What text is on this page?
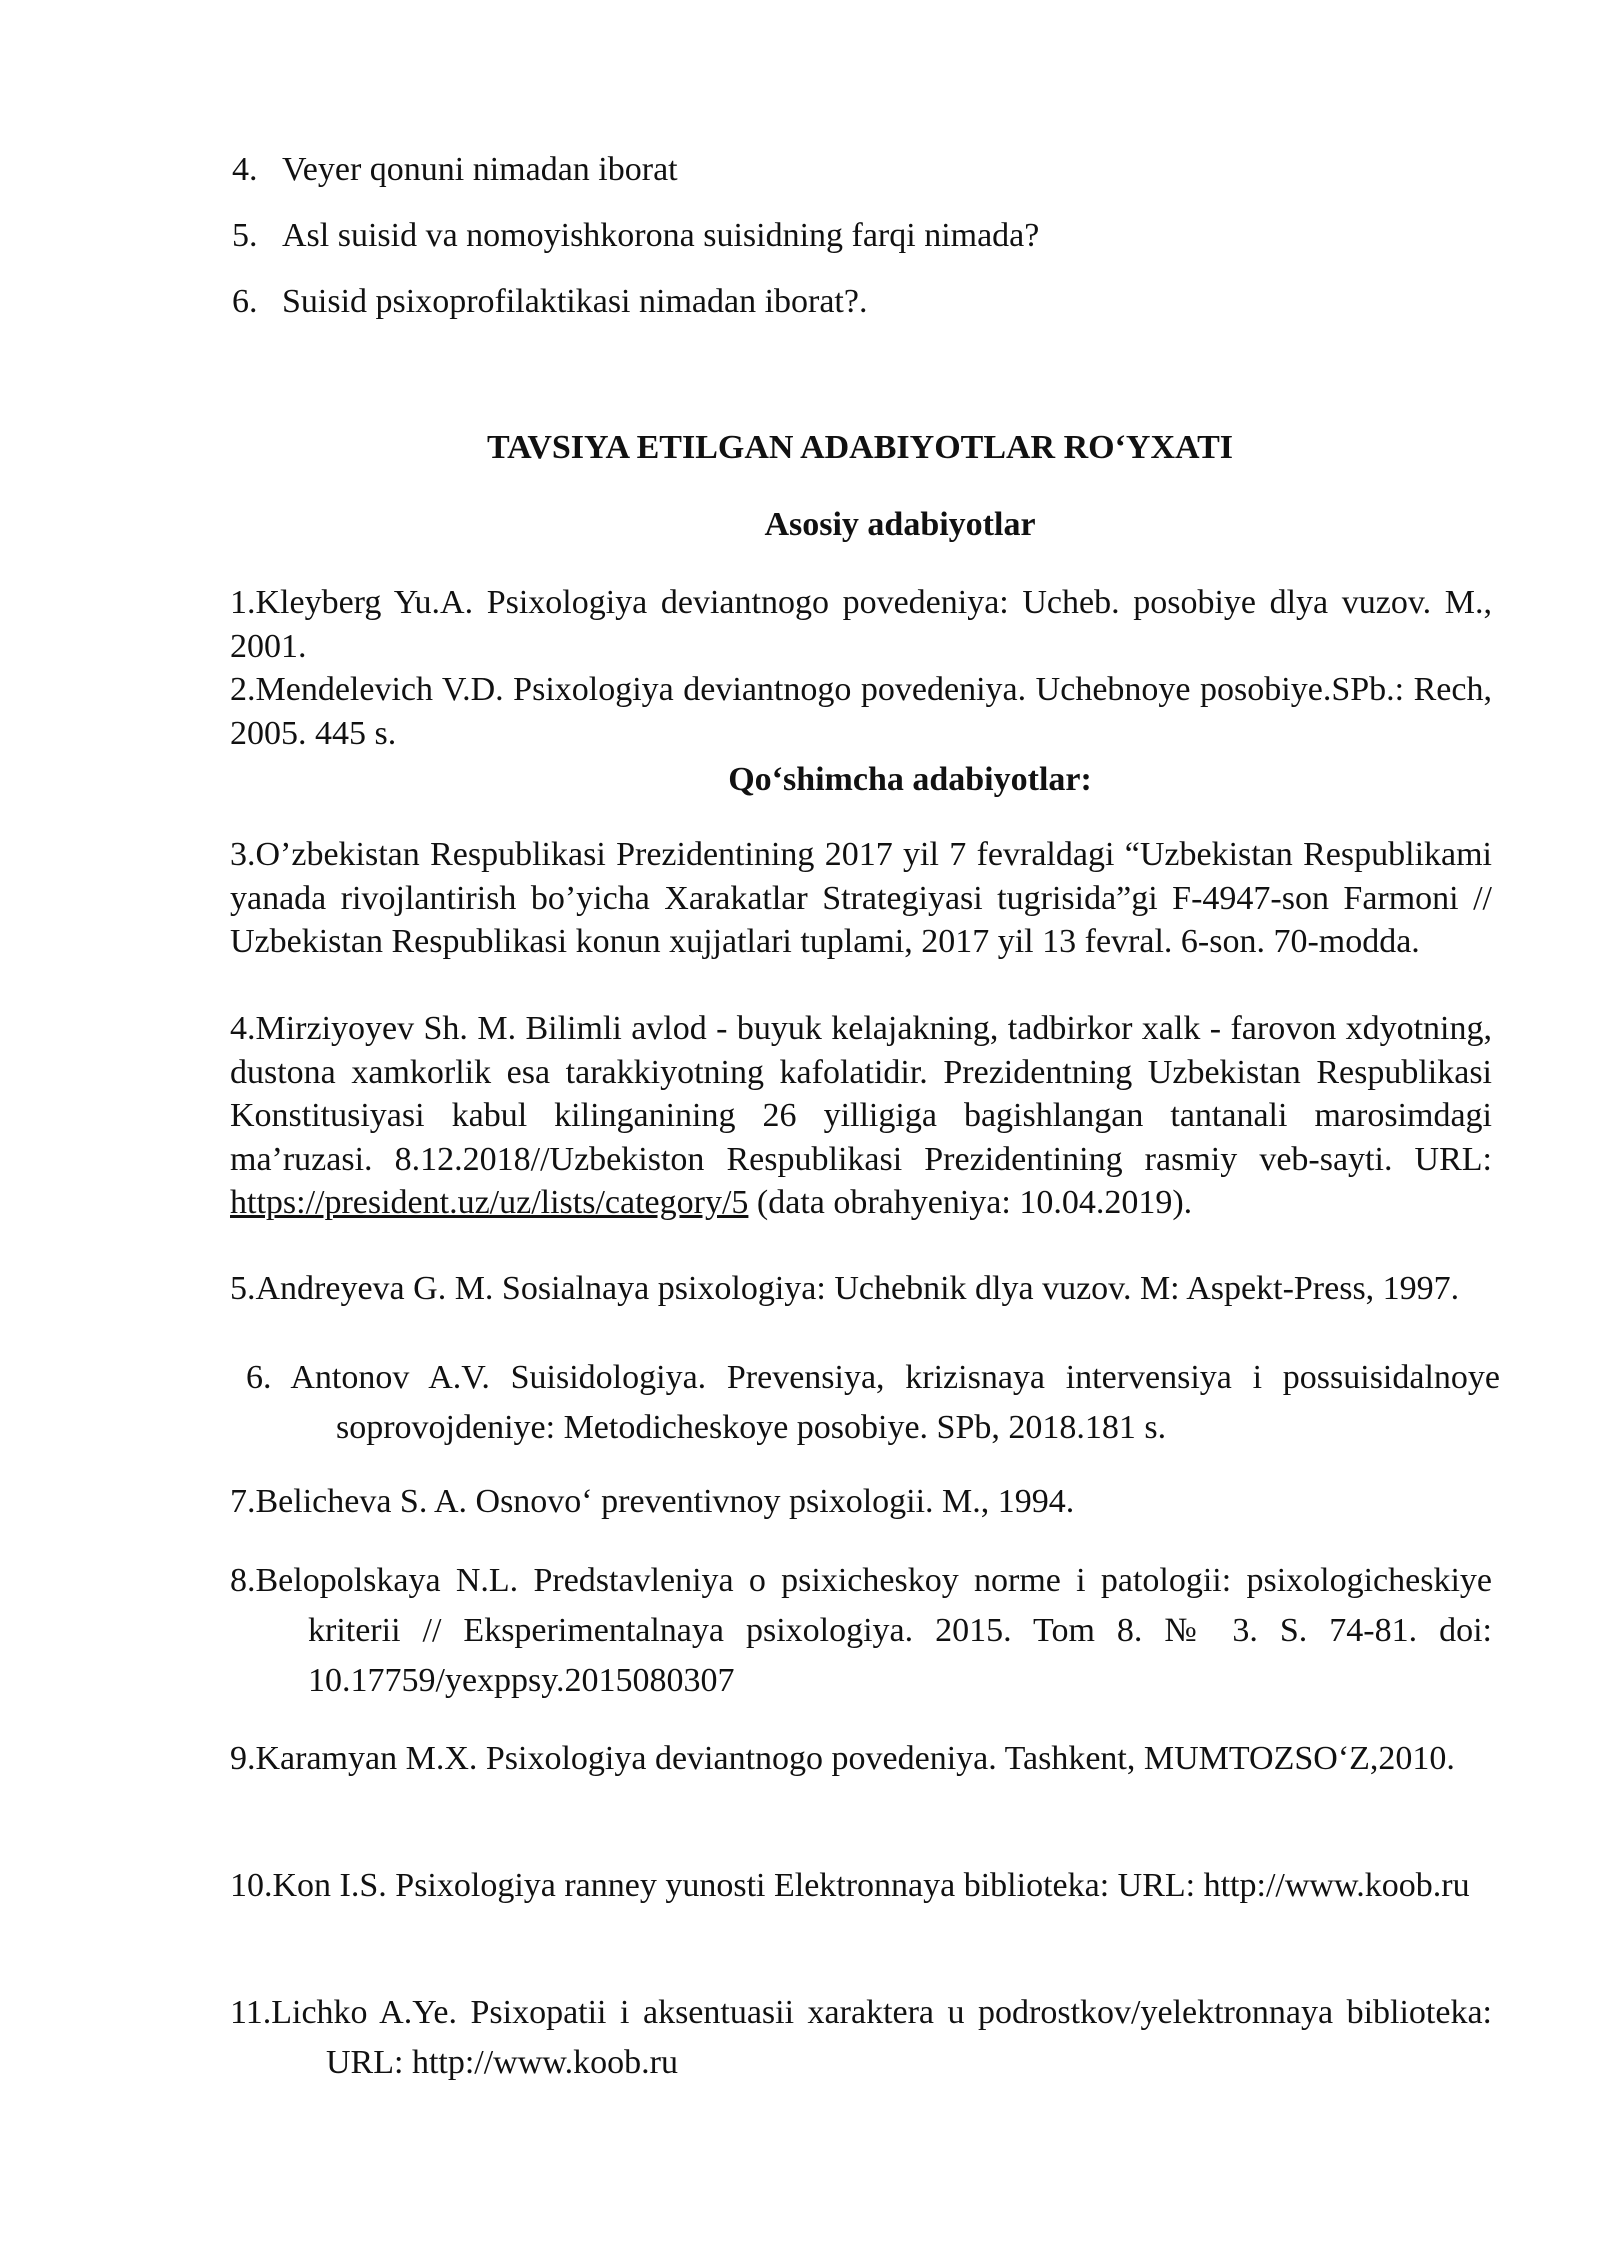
4. Veyer qonuni nimadan iborat
5. Asl suisid va nomoyishkorona suisidning farqi nimada?
6. Suisid psixoprofilaktikasi nimadan iborat?.
TAVSIYA ETILGAN ADABIYOTLAR RO‘YXATI
Asosiy adabiyotlar
1.Kleyberg Yu.A. Psixologiya deviantnogo povedeniya: Ucheb. posobiye dlya vuzov. M., 2001.
2.Mendelevich V.D. Psixologiya deviantnogo povedeniya. Uchebnoye posobiye.SPb.: Rech, 2005. 445 s.
Qo‘shimcha adabiyotlar:
3.O’zbekistan Respublikasi Prezidentining 2017 yil 7 fevraldagi “Uzbekistan Respublikami yanada rivojlantirish bo’yicha Xarakatlar Strategiyasi tugrisida”gi F-4947-son Farmoni // Uzbekistan Respublikasi konun xujjatlari tuplami, 2017 yil 13 fevral. 6-son. 70-modda.
4.Mirziyoyev Sh. M. Bilimli avlod - buyuk kelajakning, tadbirkor xalk - farovon xdyotning, dustona xamkorlik esa tarakkiyotning kafolatidir. Prezidentning Uzbekistan Respublikasi Konstitusiyasi kabul kilinganining 26 yilligiga bagishlangan tantanali marosimdagi ma’ruzasi. 8.12.2018//Uzbekiston Respublikasi Prezidentining rasmiy veb-sayti. URL: https://president.uz/uz/lists/category/5 (data obrahyeniya: 10.04.2019).
5.Andreyeva G. M. Sosialnaya psixologiya: Uchebnik dlya vuzov. M: Aspekt-Press, 1997.
6. Antonov A.V. Suisidologiya. Prevensiya, krizisnaya intervensiya i possuisidalnoye soprovojdeniye: Metodicheskoye posobiye. SPb, 2018.181 s.
7.Belicheva S. A. Osnovo‘ preventivnoy psixologii. M., 1994.
8.Belopolskaya N.L. Predstavleniya o psixicheskoy norme i patologii: psixologicheskiye kriterii // Eksperimentalnaya psixologiya. 2015. Tom 8. № 3. S. 74-81. doi: 10.17759/yexppsy.2015080307
9.Karamyan M.X. Psixologiya deviantnogo povedeniya. Tashkent, MUMTOZSO‘Z,2010.
10.Kon I.S. Psixologiya ranney yunosti Elektronnaya biblioteka: URL: http://www.koob.ru
11.Lichko A.Ye. Psixopatii i aksentuasii xaraktera u podrostkov/yelektronnaya biblioteka: URL: http://www.koob.ru
